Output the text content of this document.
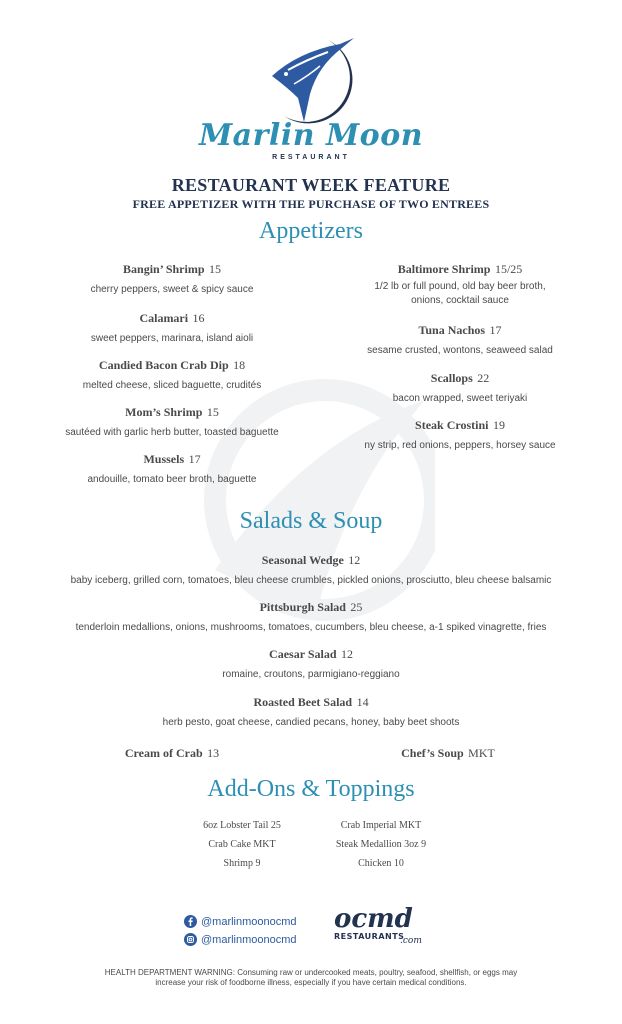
Marlin Moon
RESTAURANT
RESTAURANT WEEK FEATURE
FREE APPETIZER WITH THE PURCHASE OF TWO ENTREES
Appetizers
Bangin’ Shrimp 15
cherry peppers, sweet & spicy sauce
Calamari 16
sweet peppers, marinara, island aioli
Candied Bacon Crab Dip 18
melted cheese, sliced baguette, crudités
Mom’s Shrimp 15
sautéed with garlic herb butter, toasted baguette
Mussels 17
andouille, tomato beer broth, baguette
Baltimore Shrimp 15/25
1/2 lb or full pound, old bay beer broth,
onions, cocktail sauce
Tuna Nachos 17
sesame crusted, wontons, seaweed salad
Scallops 22
bacon wrapped, sweet teriyaki
Steak Crostini 19
ny strip, red onions, peppers, horsey sauce
Salads & Soup
Seasonal Wedge 12
baby iceberg, grilled corn, tomatoes, bleu cheese crumbles, pickled onions, prosciutto, bleu cheese balsamic
Pittsburgh Salad 25
tenderloin medallions, onions, mushrooms, tomatoes, cucumbers, bleu cheese, a-1 spiked vinagrette, fries
Caesar Salad 12
romaine, croutons, parmigiano-reggiano
Roasted Beet Salad 14
herb pesto, goat cheese, candied pecans, honey, baby beet shoots
Cream of Crab 13	Chef’s Soup MKT
Add-Ons & Toppings
6oz Lobster Tail 25
Crab Cake MKT
Shrimp 9
Crab Imperial MKT
Steak Medallion 3oz 9
Chicken 10
@marlinmoonocmd
@marlinmoonocmd
ocmd
RESTAURANTS
.com
HEALTH DEPARTMENT WARNING: Consuming raw or undercooked meats, poultry, seafood, shellfish, or eggs may
increase your risk of foodborne illness, especially if you have certain medical conditions.
